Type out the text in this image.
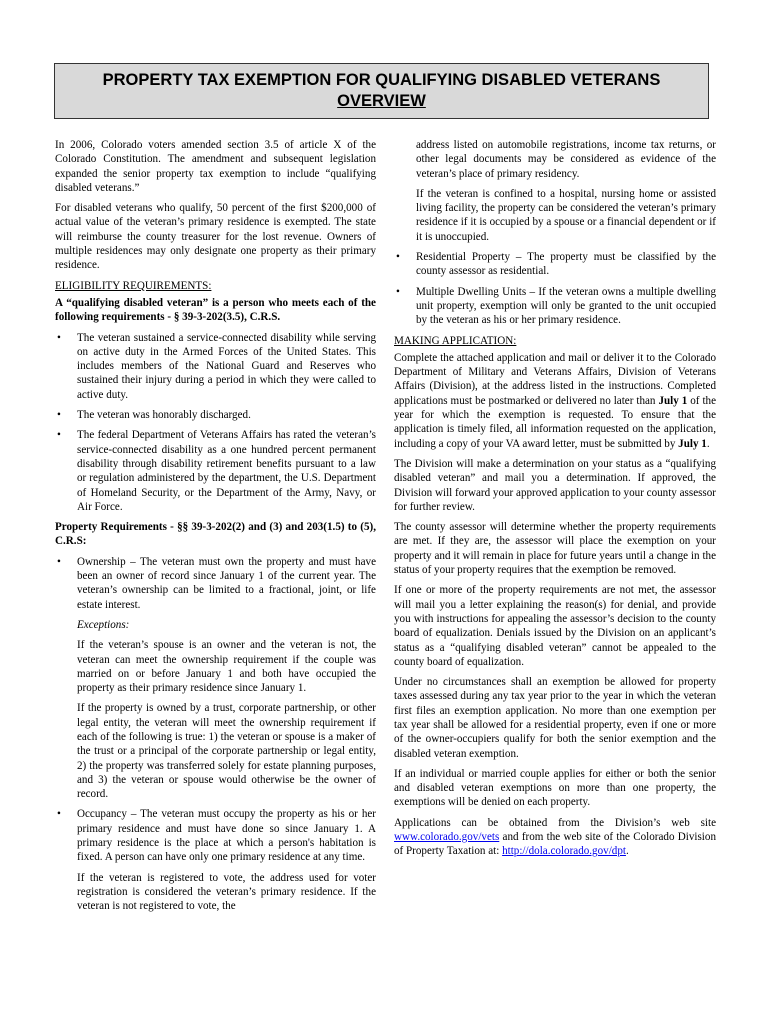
PROPERTY TAX EXEMPTION FOR QUALIFYING DISABLED VETERANS
OVERVIEW

In 2006, Colorado voters amended section 3.5 of article X of the Colorado Constitution. The amendment and subsequent legislation expanded the senior property tax exemption to include “qualifying disabled veterans.”

For disabled veterans who qualify, 50 percent of the first $200,000 of actual value of the veteran’s primary residence is exempted. The state will reimburse the county treasurer for the lost revenue. Owners of multiple residences may only designate one property as their primary residence.

ELIGIBILITY REQUIREMENTS:

A “qualifying disabled veteran” is a person who meets each of the following requirements - § 39-3-202(3.5), C.R.S.

• The veteran sustained a service-connected disability while serving on active duty in the Armed Forces of the United States. This includes members of the National Guard and Reserves who sustained their injury during a period in which they were called to active duty.
• The veteran was honorably discharged.
• The federal Department of Veterans Affairs has rated the veteran’s service-connected disability as a one hundred percent permanent disability through disability retirement benefits pursuant to a law or regulation administered by the department, the U.S. Department of Homeland Security, or the Department of the Army, Navy, or Air Force.

Property Requirements - §§ 39-3-202(2) and (3) and 203(1.5) to (5), C.R.S:

• Ownership – The veteran must own the property and must have been an owner of record since January 1 of the current year. The veteran’s ownership can be limited to a fractional, joint, or life estate interest.

Exceptions:

If the veteran’s spouse is an owner and the veteran is not, the veteran can meet the ownership requirement if the couple was married on or before January 1 and both have occupied the property as their primary residence since January 1.

If the property is owned by a trust, corporate partnership, or other legal entity, the veteran will meet the ownership requirement if each of the following is true: 1) the veteran or spouse is a maker of the trust or a principal of the corporate partnership or legal entity, 2) the property was transferred solely for estate planning purposes, and 3) the veteran or spouse would otherwise be the owner of record.

• Occupancy – The veteran must occupy the property as his or her primary residence and must have done so since January 1. A primary residence is the place at which a person's habitation is fixed. A person can have only one primary residence at any time.

If the veteran is registered to vote, the address used for voter registration is considered the veteran’s primary residence. If the veteran is not registered to vote, the

address listed on automobile registrations, income tax returns, or other legal documents may be considered as evidence of the veteran’s place of primary residency.

If the veteran is confined to a hospital, nursing home or assisted living facility, the property can be considered the veteran’s primary residence if it is occupied by a spouse or a financial dependent or if it is unoccupied.

• Residential Property – The property must be classified by the county assessor as residential.
• Multiple Dwelling Units – If the veteran owns a multiple dwelling unit property, exemption will only be granted to the unit occupied by the veteran as his or her primary residence.

MAKING APPLICATION:

Complete the attached application and mail or deliver it to the Colorado Department of Military and Veterans Affairs, Division of Veterans Affairs (Division), at the address listed in the instructions. Completed applications must be postmarked or delivered no later than July 1 of the year for which the exemption is requested. To ensure that the application is timely filed, all information requested on the application, including a copy of your VA award letter, must be submitted by July 1.

The Division will make a determination on your status as a “qualifying disabled veteran” and mail you a determination. If approved, the Division will forward your approved application to your county assessor for further review.

The county assessor will determine whether the property requirements are met. If they are, the assessor will place the exemption on your property and it will remain in place for future years until a change in the status of your property requires that the exemption be removed.

If one or more of the property requirements are not met, the assessor will mail you a letter explaining the reason(s) for denial, and provide you with instructions for appealing the assessor’s decision to the county board of equalization. Denials issued by the Division on an applicant’s status as a “qualifying disabled veteran” cannot be appealed to the county board of equalization.

Under no circumstances shall an exemption be allowed for property taxes assessed during any tax year prior to the year in which the veteran first files an exemption application. No more than one exemption per tax year shall be allowed for a residential property, even if one or more of the owner-occupiers qualify for both the senior exemption and the disabled veteran exemption.

If an individual or married couple applies for either or both the senior and disabled veteran exemptions on more than one property, the exemptions will be denied on each property.

Applications can be obtained from the Division’s web site www.colorado.gov/vets and from the web site of the Colorado Division of Property Taxation at: http://dola.colorado.gov/dpt.
